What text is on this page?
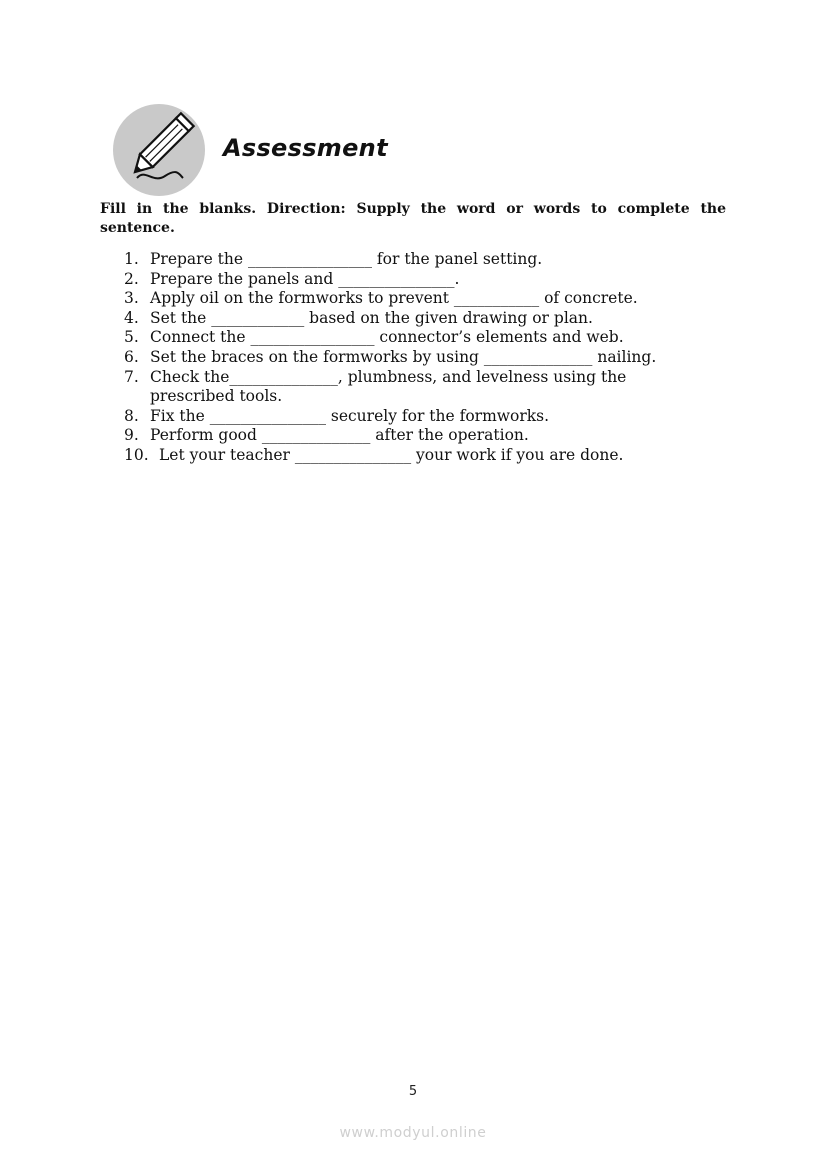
Assessment

Fill in the blanks. Direction: Supply the word or words to complete the sentence.

1. Prepare the ________________ for the panel setting.
2. Prepare the panels and _______________.
3. Apply oil on the formworks to prevent ___________ of concrete.
4. Set the ____________ based on the given drawing or plan.
5. Connect the ________________ connector’s elements and web.
6. Set the braces on the formworks by using ______________ nailing.
7. Check the______________, plumbness, and levelness using the prescribed tools.
8. Fix the _______________ securely for the formworks.
9. Perform good ______________ after the operation.
10. Let your teacher _______________ your work if you are done.
5
www.modyul.online
